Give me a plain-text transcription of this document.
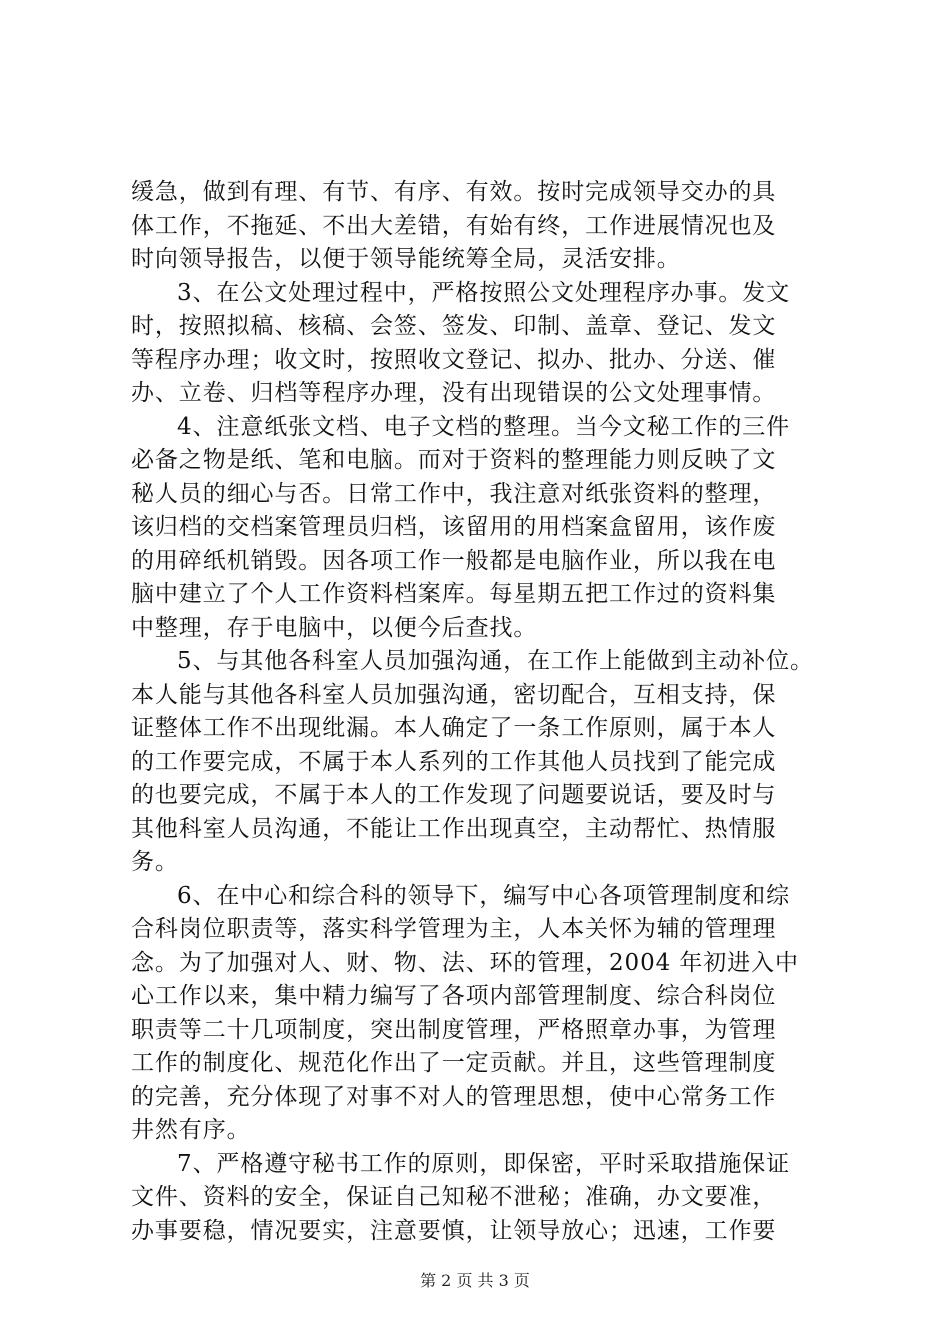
缓急，做到有理、有节、有序、有效。按时完成领导交办的具
体工作，不拖延、不出大差错，有始有终，工作进展情况也及
时向领导报告，以便于领导能统筹全局，灵活安排。
3、在公文处理过程中，严格按照公文处理程序办事。发文
时，按照拟稿、核稿、会签、签发、印制、盖章、登记、发文
等程序办理；收文时，按照收文登记、拟办、批办、分送、催
办、立卷、归档等程序办理，没有出现错误的公文处理事情。
4、注意纸张文档、电子文档的整理。当今文秘工作的三件
必备之物是纸、笔和电脑。而对于资料的整理能力则反映了文
秘人员的细心与否。日常工作中，我注意对纸张资料的整理，
该归档的交档案管理员归档，该留用的用档案盒留用，该作废
的用碎纸机销毁。因各项工作一般都是电脑作业，所以我在电
脑中建立了个人工作资料档案库。每星期五把工作过的资料集
中整理，存于电脑中，以便今后查找。
5、与其他各科室人员加强沟通，在工作上能做到主动补位。
本人能与其他各科室人员加强沟通，密切配合，互相支持，保
证整体工作不出现纰漏。本人确定了一条工作原则，属于本人
的工作要完成，不属于本人系列的工作其他人员找到了能完成
的也要完成，不属于本人的工作发现了问题要说话，要及时与
其他科室人员沟通，不能让工作出现真空，主动帮忙、热情服
务。
6、在中心和综合科的领导下，编写中心各项管理制度和综
合科岗位职责等，落实科学管理为主，人本关怀为辅的管理理
念。为了加强对人、财、物、法、环的管理，2004 年初进入中
心工作以来，集中精力编写了各项内部管理制度、综合科岗位
职责等二十几项制度，突出制度管理，严格照章办事，为管理
工作的制度化、规范化作出了一定贡献。并且，这些管理制度
的完善，充分体现了对事不对人的管理思想，使中心常务工作
井然有序。
7、严格遵守秘书工作的原则，即保密，平时采取措施保证
文件、资料的安全，保证自己知秘不泄秘；准确，办文要准，
办事要稳，情况要实，注意要慎，让领导放心；迅速，工作要
第 2 页 共 3 页
